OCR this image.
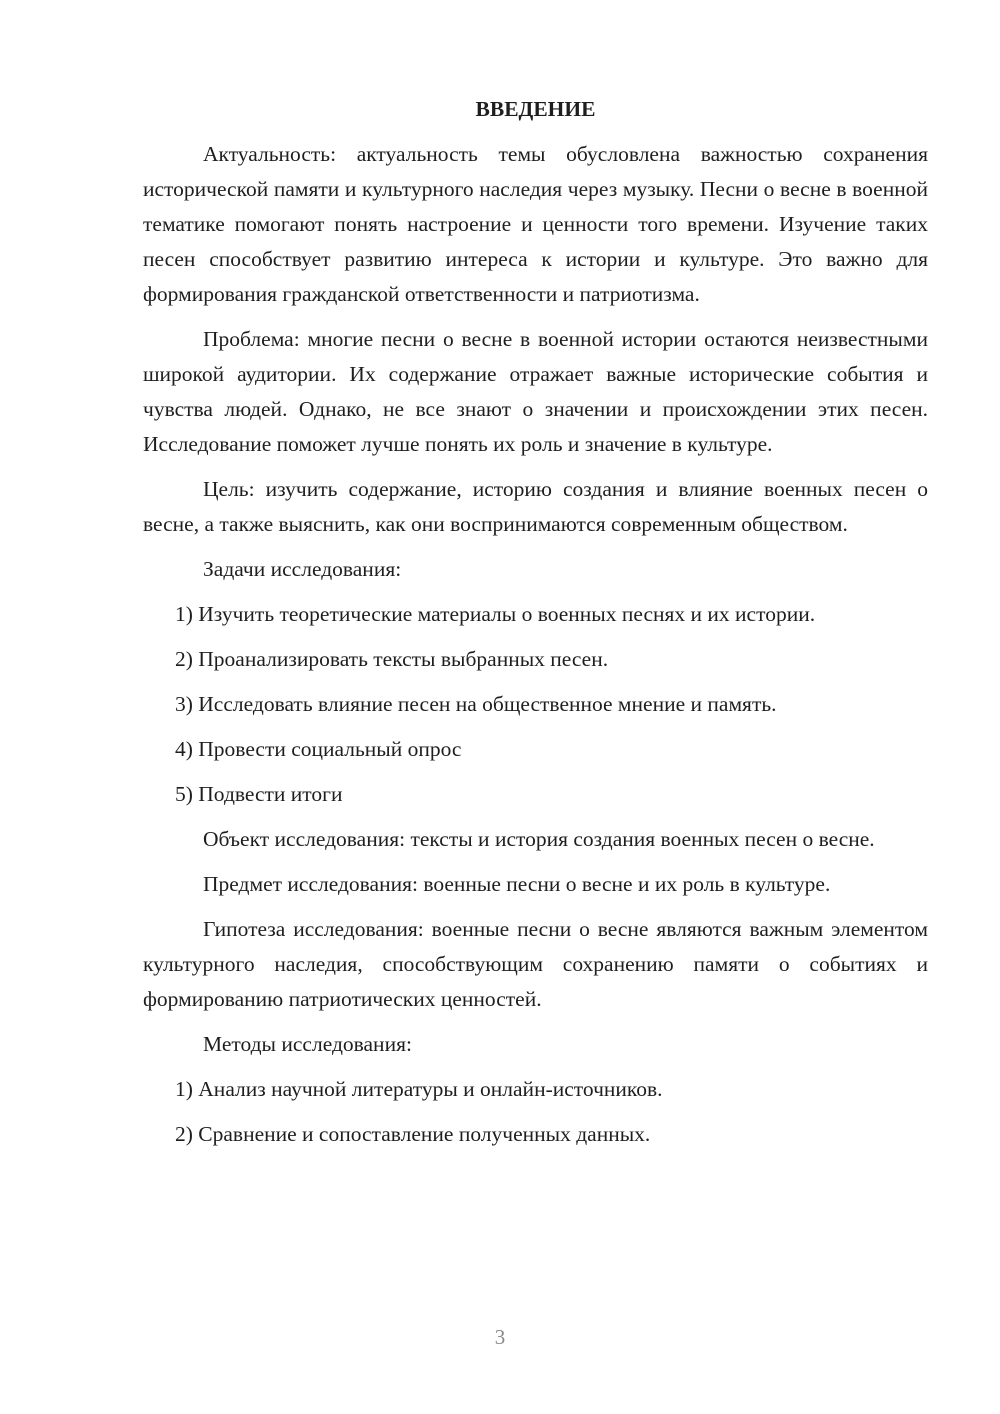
ВВЕДЕНИЕ
Актуальность: актуальность темы обусловлена важностью сохранения исторической памяти и культурного наследия через музыку. Песни о весне в военной тематике помогают понять настроение и ценности того времени. Изучение таких песен способствует развитию интереса к истории и культуре. Это важно для формирования гражданской ответственности и патриотизма.
Проблема: многие песни о весне в военной истории остаются неизвестными широкой аудитории. Их содержание отражает важные исторические события и чувства людей. Однако, не все знают о значении и происхождении этих песен. Исследование поможет лучше понять их роль и значение в культуре.
Цель: изучить содержание, историю создания и влияние военных песен о весне, а также выяснить, как они воспринимаются современным обществом.
Задачи исследования:
1) Изучить теоретические материалы о военных песнях и их истории.
2) Проанализировать тексты выбранных песен.
3) Исследовать влияние песен на общественное мнение и память.
4) Провести социальный опрос
5) Подвести итоги
Объект исследования: тексты и история создания военных песен о весне.
Предмет исследования: военные песни о весне и их роль в культуре.
Гипотеза исследования: военные песни о весне являются важным элементом культурного наследия, способствующим сохранению памяти о событиях и формированию патриотических ценностей.
Методы исследования:
1) Анализ научной литературы и онлайн-источников.
2) Сравнение и сопоставление полученных данных.
3
